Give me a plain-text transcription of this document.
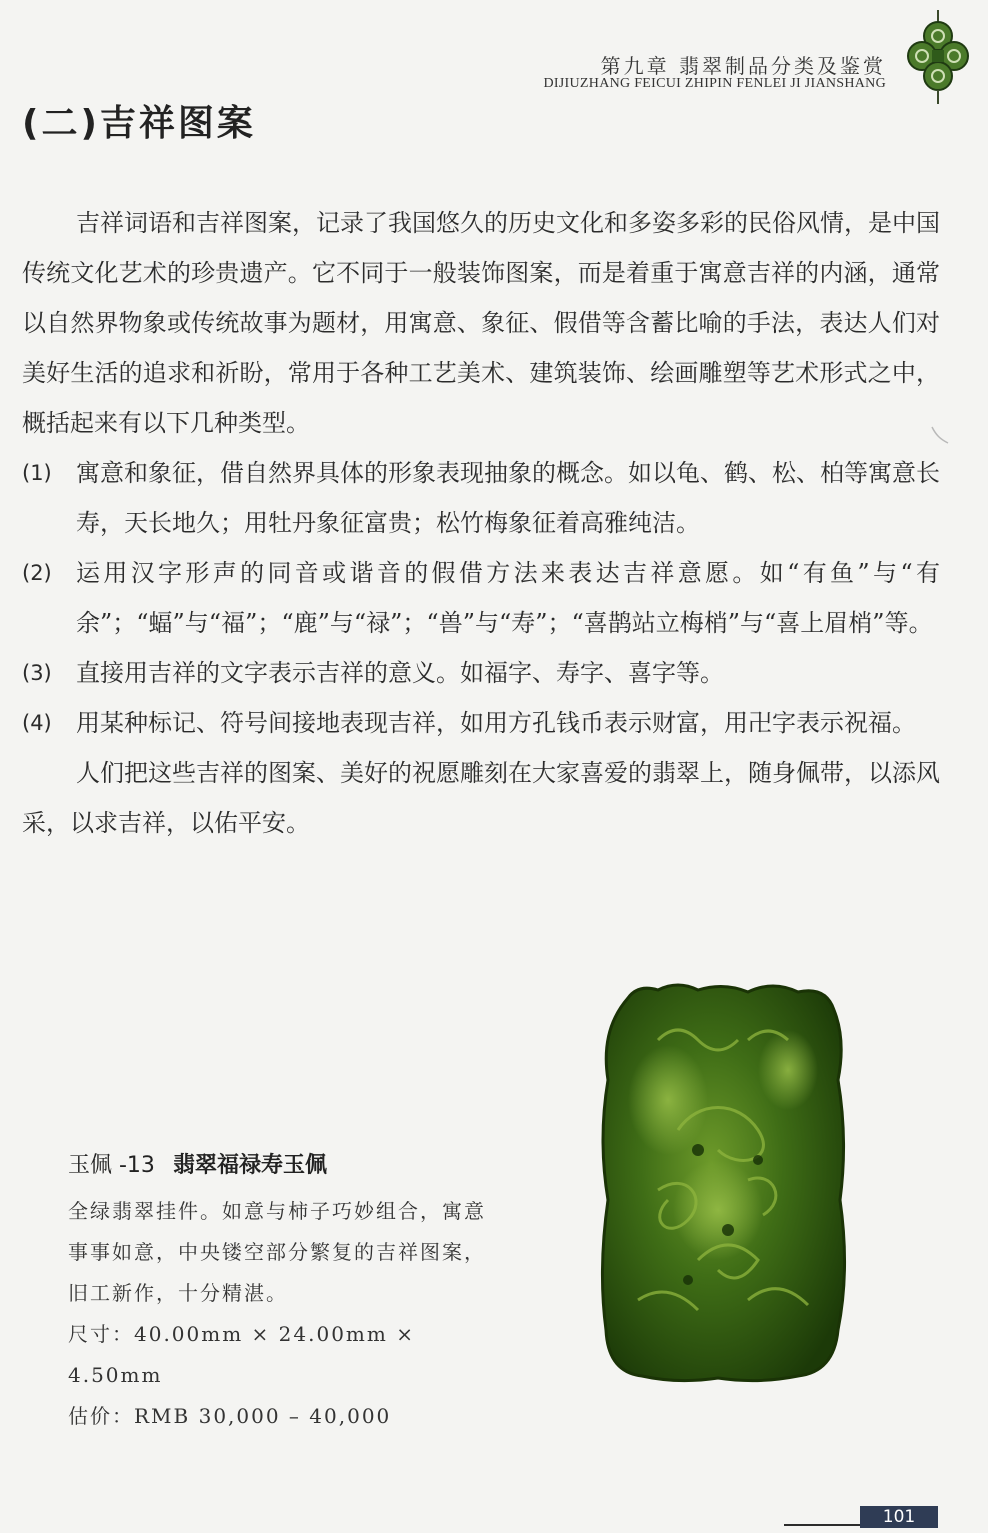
第九章 翡翠制品分类及鉴赏
DIJIUZHANG FEICUI ZHIPIN FENLEI JI JIANSHANG
(二)吉祥图案

吉祥词语和吉祥图案，记录了我国悠久的历史文化和多姿多彩的民俗风情，是中国传统文化艺术的珍贵遗产。它不同于一般装饰图案，而是着重于寓意吉祥的内涵，通常以自然界物象或传统故事为题材，用寓意、象征、假借等含蓄比喻的手法，表达人们对美好生活的追求和祈盼，常用于各种工艺美术、建筑装饰、绘画雕塑等艺术形式之中，概括起来有以下几种类型。

(1) 寓意和象征，借自然界具体的形象表现抽象的概念。如以龟、鹤、松、柏等寓意长寿，天长地久；用牡丹象征富贵；松竹梅象征着高雅纯洁。

(2) 运用汉字形声的同音或谐音的假借方法来表达吉祥意愿。如“有鱼”与“有余”；“蝠”与“福”；“鹿”与“禄”；“兽”与“寿”；“喜鹊站立梅梢”与“喜上眉梢”等。

(3) 直接用吉祥的文字表示吉祥的意义。如福字、寿字、喜字等。

(4) 用某种标记、符号间接地表现吉祥，如用方孔钱币表示财富，用卍字表示祝福。

人们把这些吉祥的图案、美好的祝愿雕刻在大家喜爱的翡翠上，随身佩带，以添风采，以求吉祥，以佑平安。

玉佩 -13 翡翠福禄寿玉佩

全绿翡翠挂件。如意与柿子巧妙组合，寓意事事如意，中央镂空部分繁复的吉祥图案，旧工新作，十分精湛。

尺寸：40.00mm × 24.00mm × 4.50mm

估价：RMB 30,000 – 40,000

101
